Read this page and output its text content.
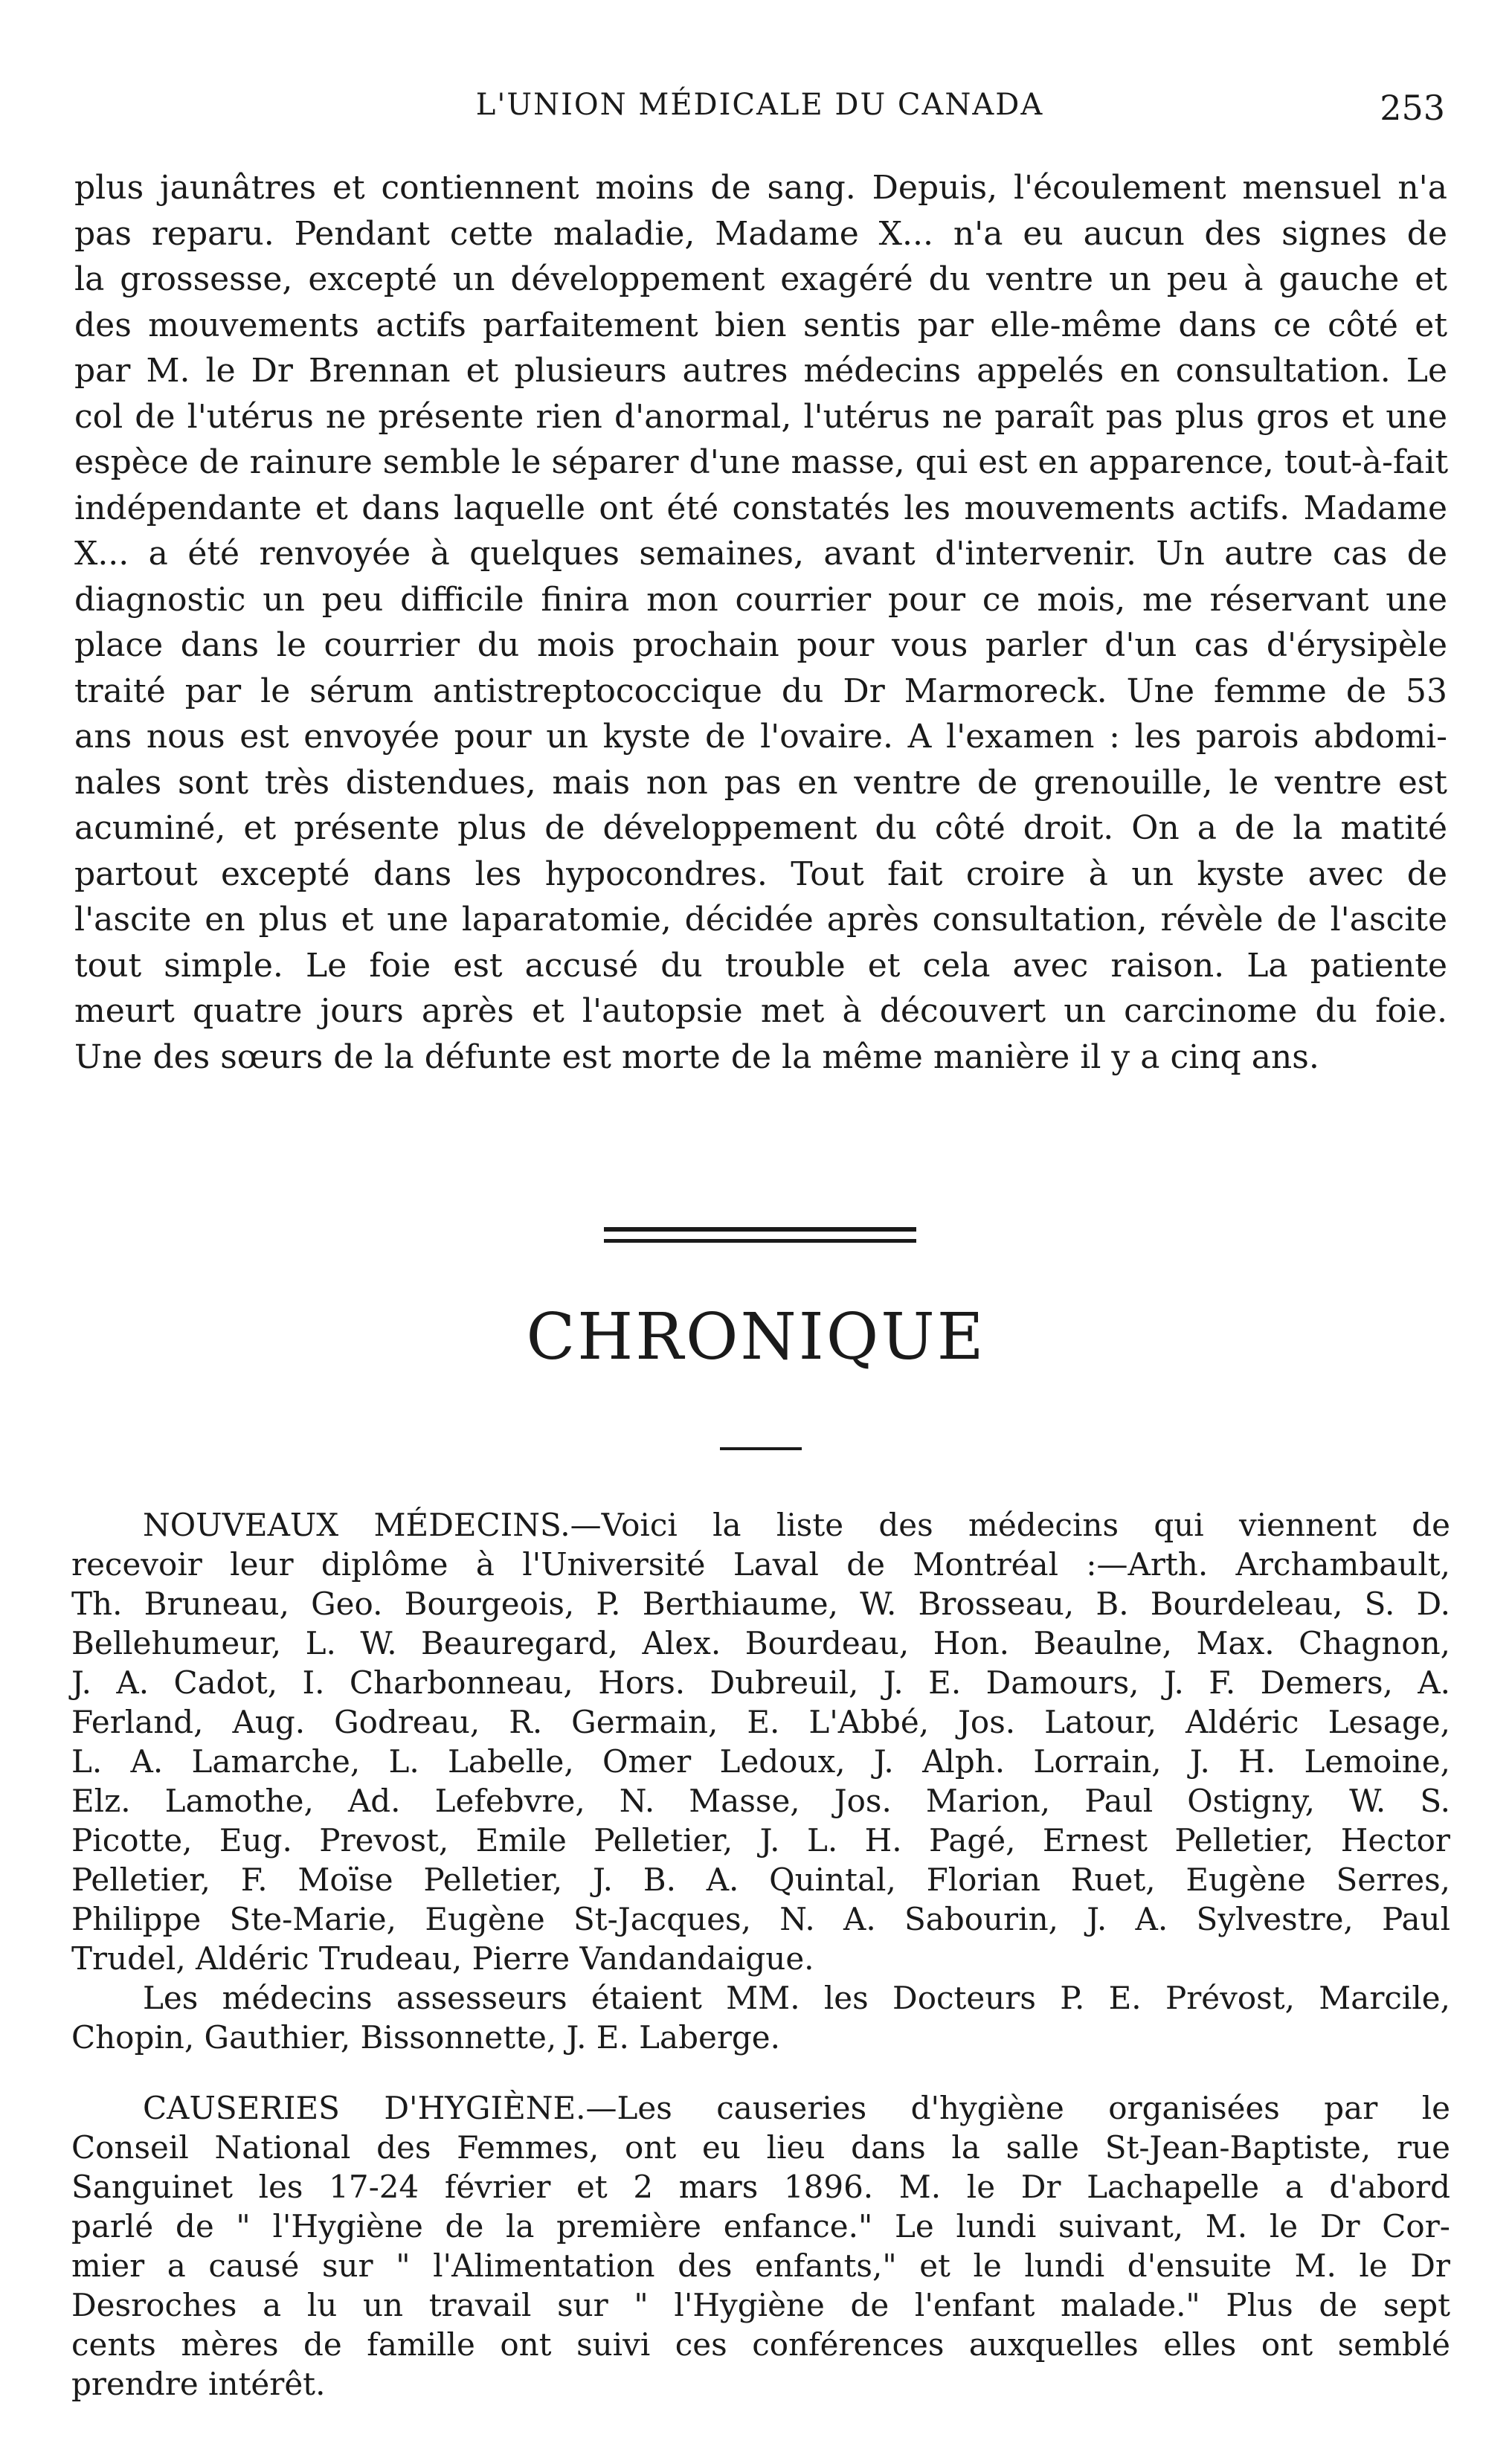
L'UNION MÉDICALE DU CANADA	253

plus jaunâtres et contiennent moins de sang. Depuis, l'écoulement mensuel n'a
pas reparu. Pendant cette maladie, Madame X... n'a eu aucun des signes de
la grossesse, excepté un développement exagéré du ventre un peu à gauche et
des mouvements actifs parfaitement bien sentis par elle-même dans ce côté et
par M. le Dr Brennan et plusieurs autres médecins appelés en consultation. Le
col de l'utérus ne présente rien d'anormal, l'utérus ne paraît pas plus gros et une
espèce de rainure semble le séparer d'une masse, qui est en apparence, tout-à-fait
indépendante et dans laquelle ont été constatés les mouvements actifs. Madame
X... a été renvoyée à quelques semaines, avant d'intervenir. Un autre cas de
diagnostic un peu difficile finira mon courrier pour ce mois, me réservant une
place dans le courrier du mois prochain pour vous parler d'un cas d'érysipèle
traité par le sérum antistreptococcique du Dr Marmoreck. Une femme de 53
ans nous est envoyée pour un kyste de l'ovaire. A l'examen : les parois abdomi-
nales sont très distendues, mais non pas en ventre de grenouille, le ventre est
acuminé, et présente plus de développement du côté droit. On a de la matité
partout excepté dans les hypocondres. Tout fait croire à un kyste avec de
l'ascite en plus et une laparatomie, décidée après consultation, révèle de l'ascite
tout simple. Le foie est accusé du trouble et cela avec raison. La patiente
meurt quatre jours après et l'autopsie met à découvert un carcinome du foie.
Une des sœurs de la défunte est morte de la même manière il y a cinq ans.

CHRONIQUE

NOUVEAUX MÉDECINS.—Voici la liste des médecins qui viennent de
recevoir leur diplôme à l'Université Laval de Montréal :—Arth. Archambault,
Th. Bruneau, Geo. Bourgeois, P. Berthiaume, W. Brosseau, B. Bourdeleau, S. D.
Bellehumeur, L. W. Beauregard, Alex. Bourdeau, Hon. Beaulne, Max. Chagnon,
J. A. Cadot, I. Charbonneau, Hors. Dubreuil, J. E. Damours, J. F. Demers, A.
Ferland, Aug. Godreau, R. Germain, E. L'Abbé, Jos. Latour, Aldéric Lesage,
L. A. Lamarche, L. Labelle, Omer Ledoux, J. Alph. Lorrain, J. H. Lemoine,
Elz. Lamothe, Ad. Lefebvre, N. Masse, Jos. Marion, Paul Ostigny, W. S.
Picotte, Eug. Prevost, Emile Pelletier, J. L. H. Pagé, Ernest Pelletier, Hector
Pelletier, F. Moïse Pelletier, J. B. A. Quintal, Florian Ruet, Eugène Serres,
Philippe Ste-Marie, Eugène St-Jacques, N. A. Sabourin, J. A. Sylvestre, Paul
Trudel, Aldéric Trudeau, Pierre Vandandaigue.

Les médecins assesseurs étaient MM. les Docteurs P. E. Prévost, Marcile,
Chopin, Gauthier, Bissonnette, J. E. Laberge.

CAUSERIES D'HYGIÈNE.—Les causeries d'hygiène organisées par le
Conseil National des Femmes, ont eu lieu dans la salle St-Jean-Baptiste, rue
Sanguinet les 17-24 février et 2 mars 1896. M. le Dr Lachapelle a d'abord
parlé de " l'Hygiène de la première enfance." Le lundi suivant, M. le Dr Cor-
mier a causé sur " l'Alimentation des enfants," et le lundi d'ensuite M. le Dr
Desroches a lu un travail sur " l'Hygiène de l'enfant malade." Plus de sept
cents mères de famille ont suivi ces conférences auxquelles elles ont semblé
prendre intérêt.
